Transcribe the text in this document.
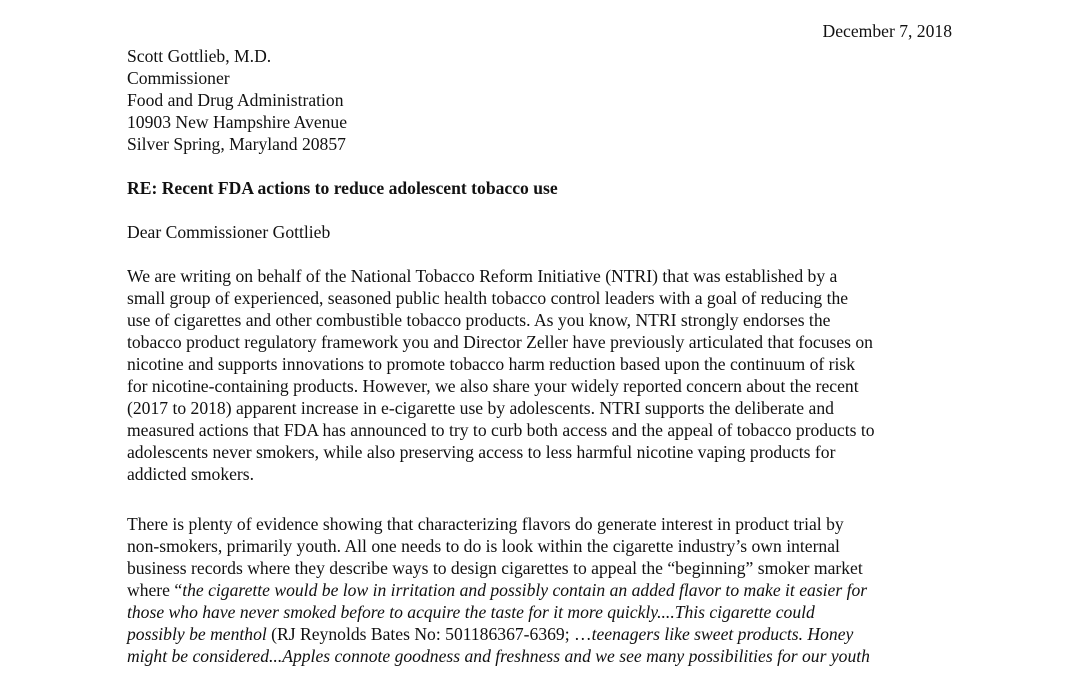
December 7, 2018
Scott Gottlieb, M.D.
Commissioner
Food and Drug Administration
10903 New Hampshire Avenue
Silver Spring, Maryland 20857
RE: Recent FDA actions to reduce adolescent tobacco use
Dear Commissioner Gottlieb
We are writing on behalf of the National Tobacco Reform Initiative (NTRI) that was established by a
small group of experienced, seasoned public health tobacco control leaders with a goal of reducing the
use of cigarettes and other combustible tobacco products. As you know, NTRI strongly endorses the
tobacco product regulatory framework you and Director Zeller have previously articulated that focuses on
nicotine and supports innovations to promote tobacco harm reduction based upon the continuum of risk
for nicotine-containing products. However, we also share your widely reported concern about the recent
(2017 to 2018) apparent increase in e-cigarette use by adolescents. NTRI supports the deliberate and
measured actions that FDA has announced to try to curb both access and the appeal of tobacco products to
adolescents never smokers, while also preserving access to less harmful nicotine vaping products for
addicted smokers.
There is plenty of evidence showing that characterizing flavors do generate interest in product trial by
non-smokers, primarily youth. All one needs to do is look within the cigarette industry’s own internal
business records where they describe ways to design cigarettes to appeal the “beginning” smoker market
where “the cigarette would be low in irritation and possibly contain an added flavor to make it easier for
those who have never smoked before to acquire the taste for it more quickly....This cigarette could
possibly be menthol (RJ Reynolds Bates No: 501186367-6369; …teenagers like sweet products. Honey
might be considered...Apples connote goodness and freshness and we see many possibilities for our youth
